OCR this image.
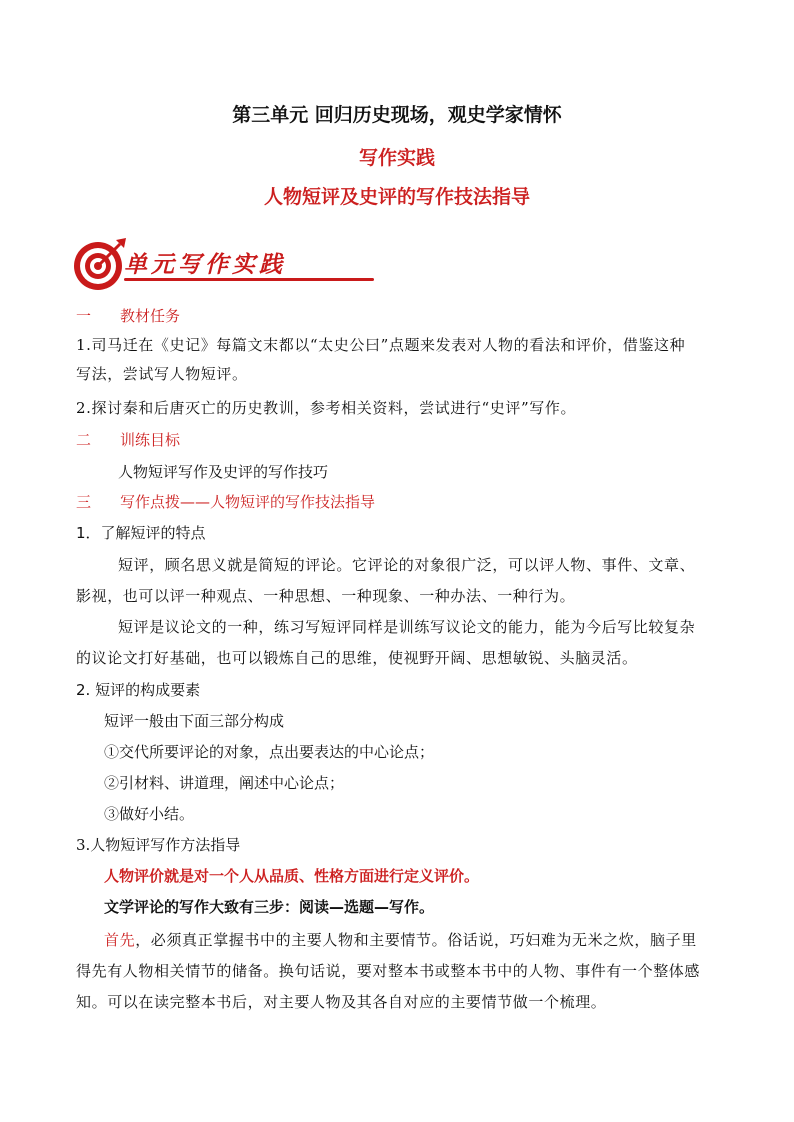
第三单元 回归历史现场，观史学家情怀
写作实践
人物短评及史评的写作技法指导
单元写作实践
一 教材任务
1.司马迁在《史记》每篇文末都以“太史公曰”点题来发表对人物的看法和评价，借鉴这种
写法，尝试写人物短评。
2.探讨秦和后唐灭亡的历史教训，参考相关资料，尝试进行“史评”写作。
二 训练目标
人物短评写作及史评的写作技巧
三 写作点拨——人物短评的写作技法指导
1．了解短评的特点
短评，顾名思义就是简短的评论。它评论的对象很广泛，可以评人物、事件、文章、
影视，也可以评一种观点、一种思想、一种现象、一种办法、一种行为。
短评是议论文的一种，练习写短评同样是训练写议论文的能力，能为今后写比较复杂
的议论文打好基础，也可以锻炼自己的思维，使视野开阔、思想敏锐、头脑灵活。
2. 短评的构成要素
短评一般由下面三部分构成
①交代所要评论的对象，点出要表达的中心论点；
②引材料、讲道理，阐述中心论点；
③做好小结。
3.人物短评写作方法指导
人物评价就是对一个人从品质、性格方面进行定义评价。
文学评论的写作大致有三步：阅读—选题—写作。
首先，必须真正掌握书中的主要人物和主要情节。俗话说，巧妇难为无米之炊，脑子里
得先有人物相关情节的储备。换句话说，要对整本书或整本书中的人物、事件有一个整体感
知。可以在读完整本书后，对主要人物及其各自对应的主要情节做一个梳理。
